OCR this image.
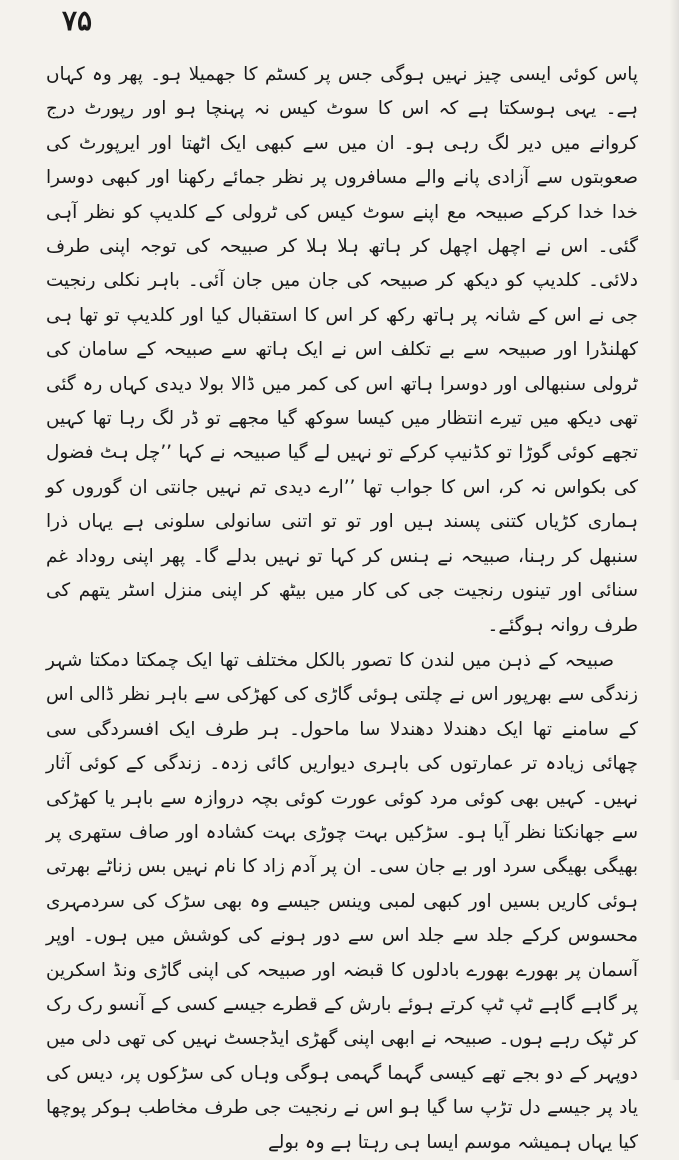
۷۵

پاس کوئی ایسی چیز نہیں ہوگی جس پر کسٹم کا جھمیلا ہو۔ پھر وہ کہاں ہے۔ یہی ہوسکتا ہے کہ اس کا سوٹ کیس نہ پہنچا ہو اور رپورٹ درج کروانے میں دیر لگ رہی ہو۔ ان میں سے کبھی ایک اٹھتا اور ایرپورٹ کی صعوبتوں سے آزادی پانے والے مسافروں پر نظر جمائے رکھنا اور کبھی دوسرا خدا خدا کرکے صبیحہ مع اپنے سوٹ کیس کی ٹرولی کے کلدیپ کو نظر آہی گئی۔ اس نے اچھل اچھل کر ہاتھ ہلا ہلا کر صبیحہ کی توجہ اپنی طرف دلائی۔ کلدیپ کو دیکھ کر صبیحہ کی جان میں جان آئی۔ باہر نکلی رنجیت جی نے اس کے شانہ پر ہاتھ رکھ کر اس کا استقبال کیا اور کلدیپ تو تھا ہی کھلنڈرا اور صبیحہ سے بے تکلف اس نے ایک ہاتھ سے صبیحہ کے سامان کی ٹرولی سنبھالی اور دوسرا ہاتھ اس کی کمر میں ڈالا بولا دیدی کہاں رہ گئی تھی دیکھ میں تیرے انتظار میں کیسا سوکھ گیا مجھے تو ڈر لگ رہا تھا کہیں تجھے کوئی گوڑا تو کڈنیپ کرکے تو نہیں لے گیا صبیحہ نے کہا ’’چل ہٹ فضول کی بکواس نہ کر، اس کا جواب تھا ’’ارے دیدی تم نہیں جانتی ان گوروں کو ہماری کڑیاں کتنی پسند ہیں اور تو تو اتنی سانولی سلونی ہے یہاں ذرا سنبھل کر رہنا، صبیحہ نے ہنس کر کہا تو نہیں بدلے گا۔ پھر اپنی روداد غم سنائی اور تینوں رنجیت جی کی کار میں بیٹھ کر اپنی منزل اسٹر یتھم کی طرف روانہ ہوگئے۔

صبیحہ کے ذہن میں لندن کا تصور بالکل مختلف تھا ایک چمکتا دمکتا شہر زندگی سے بھرپور اس نے چلتی ہوئی گاڑی کی کھڑکی سے باہر نظر ڈالی اس کے سامنے تھا ایک دھندلا دھندلا سا ماحول۔ ہر طرف ایک افسردگی سی چھائی زیادہ تر عمارتوں کی باہری دیواریں کائی زدہ۔ زندگی کے کوئی آثار نہیں۔ کہیں بھی کوئی مرد کوئی عورت کوئی بچہ دروازہ سے باہر یا کھڑکی سے جھانکتا نظر آیا ہو۔ سڑکیں بہت چوڑی بہت کشادہ اور صاف ستھری پر بھیگی بھیگی سرد اور بے جان سی۔ ان پر آدم زاد کا نام نہیں بس زناٹے بھرتی ہوئی کاریں بسیں اور کبھی لمبی وینس جیسے وہ بھی سڑک کی سردمہری محسوس کرکے جلد سے جلد اس سے دور ہونے کی کوشش میں ہوں۔ اوپر آسمان پر بھورے بھورے بادلوں کا قبضہ اور صبیحہ کی اپنی گاڑی ونڈ اسکرین پر گاہے گاہے ٹپ ٹپ کرتے ہوئے بارش کے قطرے جیسے کسی کے آنسو رک رک کر ٹپک رہے ہوں۔ صبیحہ نے ابھی اپنی گھڑی ایڈجسٹ نہیں کی تھی دلی میں دوپہر کے دو بجے تھے کیسی گہما گہمی ہوگی وہاں کی سڑکوں پر، دیس کی یاد پر جیسے دل تڑپ سا گیا ہو اس نے رنجیت جی طرف مخاطب ہوکر پوچھا کیا یہاں ہمیشہ موسم ایسا ہی رہتا ہے وہ بولے
